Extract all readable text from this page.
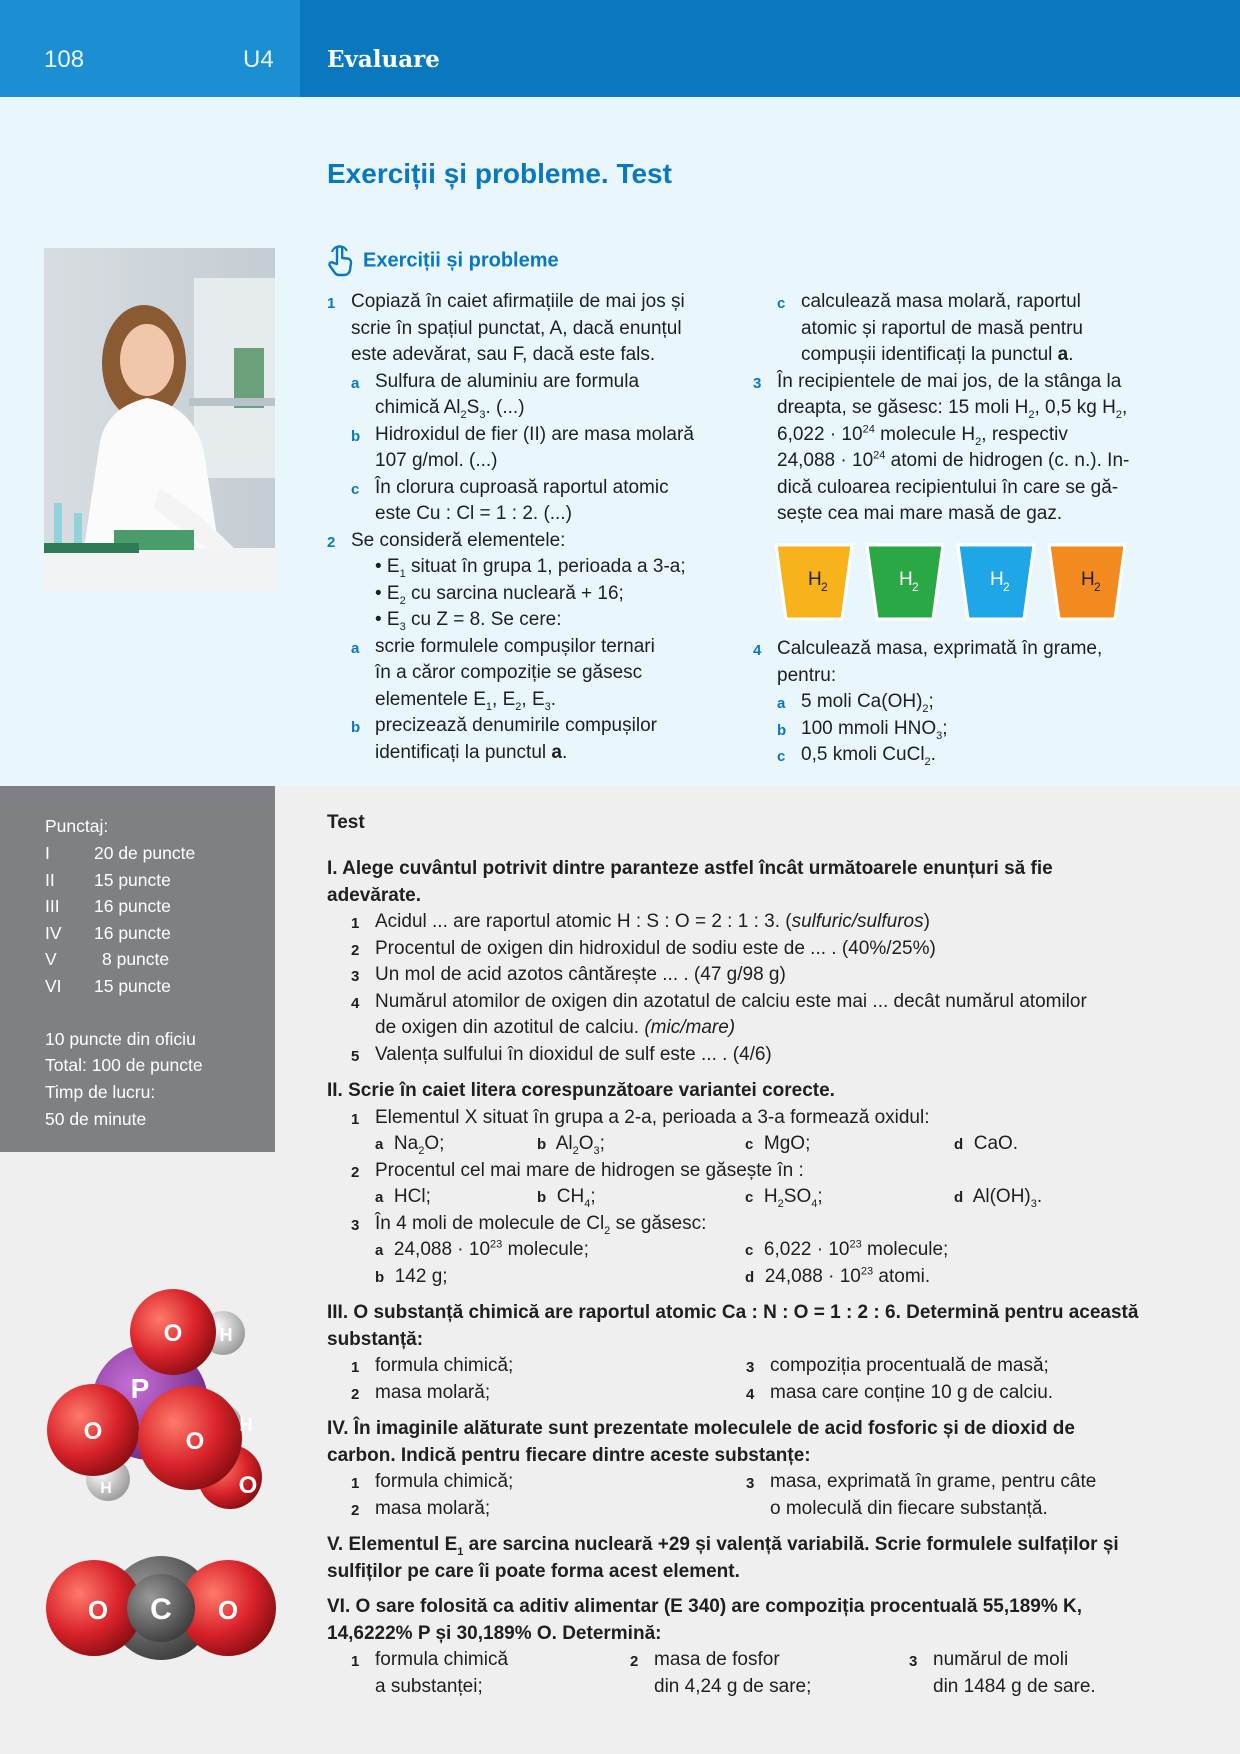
108	U4 Evaluare
Exerciții și probleme. Test
Exerciții și probleme
1 Copiază în caiet afirmațiile de mai jos și
scrie în spațiul punctat, A, dacă enunțul
este adevărat, sau F, dacă este fals.
a Sulfura de aluminiu are formula
chimică $Al_2S_3$. (...)
b Hidroxidul de fier (II) are masa molară
107 g/mol. (...)
c În clorura cuproasă raportul atomic
este Cu : Cl = 1 : 2. (...)
2 Se consideră elementele:
• $E_1$ situat în grupa 1, perioada a 3-a;
• $E_2$ cu sarcina nucleară + 16;
• $E_3$ cu Z = 8. Se cere:
a scrie formulele compușilor ternari
în a căror compoziție se găsesc
elementele $E_1$, $E_2$, $E_3$.
b precizează denumirile compușilor
identificați la punctul a.
c calculează masa molară, raportul
atomic și raportul de masă pentru
compușii identificați la punctul a.
3 În recipientele de mai jos, de la stânga la
dreapta, se găsesc: 15 moli $H_2$, 0,5 kg $H_2$,
$6,022 \cdot 10^{24}$ molecule $H_2$, respectiv
$24,088 \cdot 10^{24}$ atomi de hidrogen (c. n.). In-
dică culoarea recipientului în care se gă-
sește cea mai mare masă de gaz.
H 2	H 2	H 2	H 2
4 Calculează masa, exprimată în grame,
pentru:
a 5 moli $Ca(OH)_2$;
b 100 mmoli $HNO_3$;
c 0,5 kmoli CuCl$_2$.
Punctaj:
I	20 de puncte
II 15 puncte
III 16 puncte
IV 16 puncte
V	8 puncte
VI 15 puncte
10 puncte din oficiu
Total: 100 de puncte
Timp de lucru:
50 de minute
Test
I. Alege cuvântul potrivit dintre paranteze astfel încât următoarele enunțuri să fie
adevărate.
1 Acidul ... are raportul atomic H : S : O = 2 : 1 : 3. (sulfuric/sulfuros)
2 Procentul de oxigen din hidroxidul de sodiu este de ... . (40%/25%)
3 Un mol de acid azotos cântărește ... . (47 g/98 g)
4 Numărul atomilor de oxigen din azotatul de calciu este mai ... decât numărul atomilor
de oxigen din azotitul de calciu. (mic/mare)
5 Valența sulfului în dioxidul de sulf este ... . (4/6)
II. Scrie în caiet litera corespunzătoare variantei corecte.
1 Elementul X situat în grupa a 2-a, perioada a 3-a formează oxidul:
a $Na_2O$;	b $Al_2O_3$;	c MgO;	d CaO.
2 Procentul cel mai mare de hidrogen se găsește în :
a HCl;	b $CH_4$;	c $H_2SO_4$;	d $Al(OH)_3$.
3 În 4 moli de molecule de $Cl_2$ se găsesc:
a $24,088 \cdot 10^{23}$ molecule;	c $6,022 \cdot 10^{23}$ molecule;
b 142 g;	d $24,088 \cdot 10^{23}$ atomi.
III. O substanță chimică are raportul atomic Ca : N : O = 1 : 2 : 6. Determină pentru această
substanță:
1 formula chimică;	3 compoziția procentuală de masă;
2 masa molară;	4 masa care conține 10 g de calciu.
IV. În imaginile alăturate sunt prezentate moleculele de acid fosforic și de dioxid de
carbon. Indică pentru fiecare dintre aceste substanțe:
1 formula chimică;	3 masa, exprimată în grame, pentru câte
2 masa molară;	o moleculă din fiecare substanță.
V. Elementul $E_1$ are sarcina nucleară +29 și valență variabilă. Scrie formulele sulfaților și
sulfiților pe care îi poate forma acest element.
VI. O sare folosită ca aditiv alimentar (E 340) are compoziția procentuală 55,189% K,
14,6222% P și 30,189% O. Determină:
1 formula chimică
a substanței;
2 masa de fosfor
din 4,24 g de sare;
3 numărul de moli
din 1484 g de sare.
P
O
O	O
O
H
H
H
C
O	O
